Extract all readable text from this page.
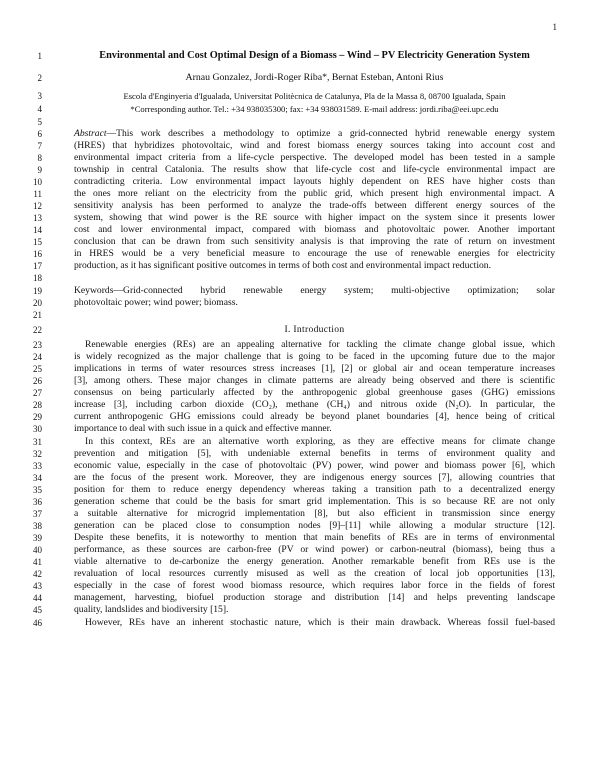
1
1	Environmental and Cost Optimal Design of a Biomass – Wind – PV Electricity Generation System
2	Arnau Gonzalez, Jordi-Roger Riba*, Bernat Esteban, Antoni Rius
3	Escola d'Enginyeria d'Igualada, Universitat Politècnica de Catalunya, Pla de la Massa 8, 08700 Igualada, Spain
4	*Corresponding author. Tel.: +34 938035300; fax: +34 938031589. E-mail address: jordi.riba@eei.upc.edu
5
6	Abstract—This work describes a methodology to optimize a grid-connected hybrid renewable energy system
7	(HRES) that hybridizes photovoltaic, wind and forest biomass energy sources taking into account cost and
8	environmental impact criteria from a life-cycle perspective. The developed model has been tested in a sample
9	township in central Catalonia. The results show that life-cycle cost and life-cycle environmental impact are
10	contradicting criteria. Low environmental impact layouts highly dependent on RES have higher costs than
11	the ones more reliant on the electricity from the public grid, which present high environmental impact. A
12	sensitivity analysis has been performed to analyze the trade-offs between different energy sources of the
13	system, showing that wind power is the RE source with higher impact on the system since it presents lower
14	cost and lower environmental impact, compared with biomass and photovoltaic power. Another important
15	conclusion that can be drawn from such sensitivity analysis is that improving the rate of return on investment
16	in HRES would be a very beneficial measure to encourage the use of renewable energies for electricity
17	production, as it has significant positive outcomes in terms of both cost and environmental impact reduction.
18
19	Keywords—Grid-connected hybrid renewable energy system; multi-objective optimization; solar
20	photovoltaic power; wind power; biomass.
21
22	I. Introduction
23	Renewable energies (REs) are an appealing alternative for tackling the climate change global issue, which
24	is widely recognized as the major challenge that is going to be faced in the upcoming future due to the major
25	implications in terms of water resources stress increases [1], [2] or global air and ocean temperature increases
26	[3], among others. These major changes in climate patterns are already being observed and there is scientific
27	consensus on being particularly affected by the anthropogenic global greenhouse gases (GHG) emissions
28	increase [3], including carbon dioxide (CO₂), methane (CH₄) and nitrous oxide (N₂O). In particular, the
29	current anthropogenic GHG emissions could already be beyond planet boundaries [4], hence being of critical
30	importance to deal with such issue in a quick and effective manner.
31	In this context, REs are an alternative worth exploring, as they are effective means for climate change
32	prevention and mitigation [5], with undeniable external benefits in terms of environment quality and
33	economic value, especially in the case of photovoltaic (PV) power, wind power and biomass power [6], which
34	are the focus of the present work. Moreover, they are indigenous energy sources [7], allowing countries that
35	position for them to reduce energy dependency whereas taking a transition path to a decentralized energy
36	generation scheme that could be the basis for smart grid implementation. This is so because RE are not only
37	a suitable alternative for microgrid implementation [8], but also efficient in transmission since energy
38	generation can be placed close to consumption nodes [9]–[11] while allowing a modular structure [12].
39	Despite these benefits, it is noteworthy to mention that main benefits of REs are in terms of environmental
40	performance, as these sources are carbon-free (PV or wind power) or carbon-neutral (biomass), being thus a
41	viable alternative to de-carbonize the energy generation. Another remarkable benefit from REs use is the
42	revaluation of local resources currently misused as well as the creation of local job opportunities [13],
43	especially in the case of forest wood biomass resource, which requires labor force in the fields of forest
44	management, harvesting, biofuel production storage and distribution [14] and helps preventing landscape
45	quality, landslides and biodiversity [15].
46	However, REs have an inherent stochastic nature, which is their main drawback. Whereas fossil fuel-based
